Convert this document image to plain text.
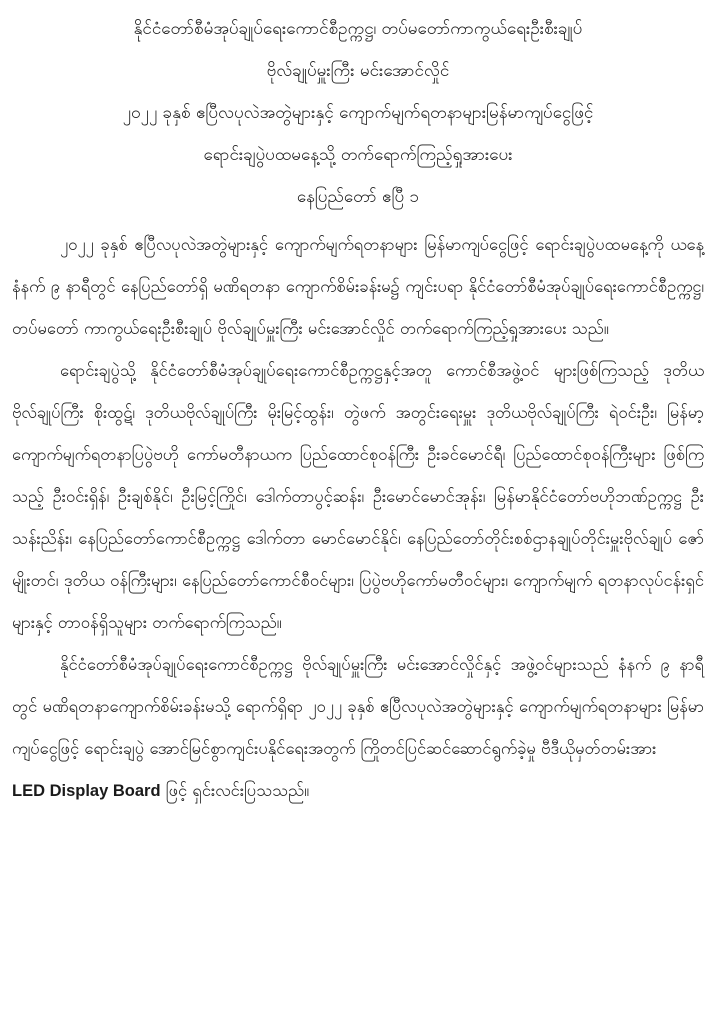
နိုင်ငံတော်စီမံအုပ်ချုပ်ရေးကောင်စီဥက္ကဋ္ဌ၊ တပ်မတော်ကာကွယ်ရေးဦးစီးချုပ်
ဗိုလ်ချုပ်မှူးကြီး မင်းအောင်လှိုင်
၂၀၂၂ ခုနှစ် ဧပြီလပုလဲအတွဲများနှင့် ကျောက်မျက်ရတနာများမြန်မာကျပ်ငွေဖြင့်
ရောင်းချပွဲပထမနေ့သို့ တက်ရောက်ကြည့်ရှုအားပေး
နေပြည်တော် ဧပြီ ၁

၂၀၂၂ ခုနှစ် ဧပြီလပုလဲအတွဲများနှင့် ကျောက်မျက်ရတနာများ မြန်မာကျပ်ငွေဖြင့် ရောင်းချပွဲပထမနေ့ကို ယနေ့နံနက် ၉ နာရီတွင် နေပြည်တော်ရှိ မဏိရတနာ ကျောက်စိမ်းခန်းမ၌ ကျင်းပရာ နိုင်ငံတော်စီမံအုပ်ချုပ်ရေးကောင်စီဥက္ကဋ္ဌ၊ တပ်မတော် ကာကွယ်ရေးဦးစီးချုပ် ဗိုလ်ချုပ်မှူးကြီး မင်းအောင်လှိုင် တက်ရောက်ကြည့်ရှုအားပေး သည်။

ရောင်းချပွဲသို့ နိုင်ငံတော်စီမံအုပ်ချုပ်ရေးကောင်စီဥက္ကဋ္ဌနှင့်အတူ ကောင်စီအဖွဲ့ဝင် များဖြစ်ကြသည့် ဒုတိယဗိုလ်ချုပ်ကြီး စိုးထွဋ်၊ ဒုတိယဗိုလ်ချုပ်ကြီး မိုးမြင့်ထွန်း၊ တွဲဖက် အတွင်းရေးမှူး ဒုတိယဗိုလ်ချုပ်ကြီး ရဲဝင်းဦး၊ မြန်မာ့ကျောက်မျက်ရတနာပြပွဲဗဟို ကော်မတီနာယက ပြည်ထောင်စုဝန်ကြီး ဦးခင်မောင်ရီ၊ ပြည်ထောင်စုဝန်ကြီးများ ဖြစ်ကြ သည့် ဦးဝင်းရှိန်၊ ဦးချစ်နိုင်၊ ဦးမြင့်ကြိုင်၊ ဒေါက်တာပွင့်ဆန်း၊ ဦးမောင်မောင်အုန်း၊ မြန်မာနိုင်ငံတော်ဗဟိုဘဏ်ဥက္ကဋ္ဌ ဦးသန်းညိန်း၊ နေပြည်တော်ကောင်စီဥက္ကဋ္ဌ ဒေါက်တာ မောင်မောင်နိုင်၊ နေပြည်တော်တိုင်းစစ်ဌာနချုပ်တိုင်းမှူးဗိုလ်ချုပ် ဇော်မျိုးတင်၊ ဒုတိယ ဝန်ကြီးများ၊ နေပြည်တော်ကောင်စီဝင်များ၊ ပြပွဲဗဟိုကော်မတီဝင်များ၊ ကျောက်မျက် ရတနာလုပ်ငန်းရှင်များနှင့် တာဝန်ရှိသူများ တက်ရောက်ကြသည်။

နိုင်ငံတော်စီမံအုပ်ချုပ်ရေးကောင်စီဥက္ကဋ္ဌ ဗိုလ်ချုပ်မှူးကြီး မင်းအောင်လှိုင်နှင့် အဖွဲ့ဝင်များသည် နံနက် ၉ နာရီတွင် မဏိရတနာကျောက်စိမ်းခန်းမသို့ ရောက်ရှိရာ ၂၀၂၂ ခုနှစ် ဧပြီလပုလဲအတွဲများနှင့် ကျောက်မျက်ရတနာများ မြန်မာကျပ်ငွေဖြင့် ရောင်းချပွဲ အောင်မြင်စွာကျင်းပနိုင်ရေးအတွက် ကြိုတင်ပြင်ဆင်ဆောင်ရွက်ခဲ့မှု ဗီဒီယိုမှတ်တမ်းအား

LED Display Board ဖြင့် ရှင်းလင်းပြသသည်။
